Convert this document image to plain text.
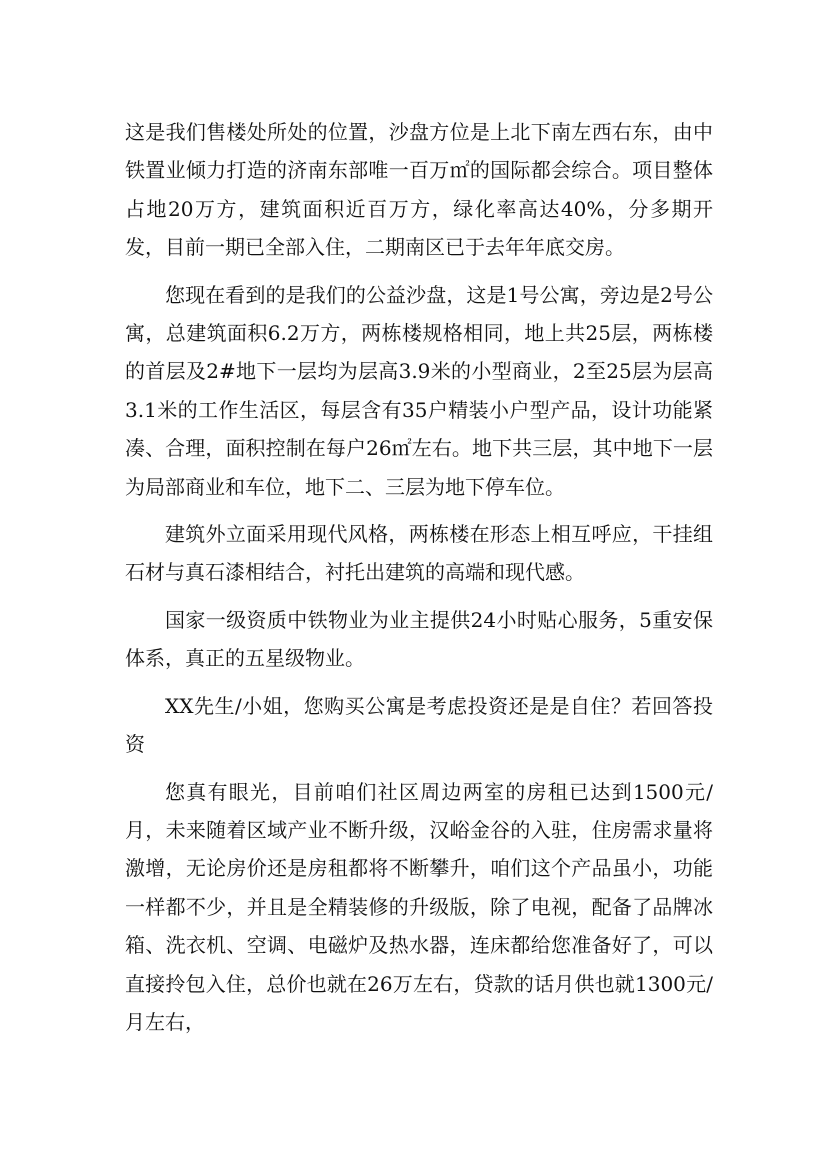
这是我们售楼处所处的位置，沙盘方位是上北下南左西右东，由中铁置业倾力打造的济南东部唯一百万㎡的国际都会综合。项目整体占地20万方，建筑面积近百万方，绿化率高达40%，分多期开发，目前一期已全部入住，二期南区已于去年年底交房。

您现在看到的是我们的公益沙盘，这是1号公寓，旁边是2号公寓，总建筑面积6.2万方，两栋楼规格相同，地上共25层，两栋楼的首层及2#地下一层均为层高3.9米的小型商业，2至25层为层高3.1米的工作生活区，每层含有35户精装小户型产品，设计功能紧凑、合理，面积控制在每户26㎡左右。地下共三层，其中地下一层为局部商业和车位，地下二、三层为地下停车位。

建筑外立面采用现代风格，两栋楼在形态上相互呼应，干挂组石材与真石漆相结合，衬托出建筑的高端和现代感。

国家一级资质中铁物业为业主提供24小时贴心服务，5重安保体系，真正的五星级物业。

XX先生/小姐，您购买公寓是考虑投资还是是自住？若回答投资

您真有眼光，目前咱们社区周边两室的房租已达到1500元/月，未来随着区域产业不断升级，汉峪金谷的入驻，住房需求量将激增，无论房价还是房租都将不断攀升，咱们这个产品虽小，功能一样都不少，并且是全精装修的升级版，除了电视，配备了品牌冰箱、洗衣机、空调、电磁炉及热水器，连床都给您准备好了，可以直接拎包入住，总价也就在26万左右，贷款的话月供也就1300元/月左右，
